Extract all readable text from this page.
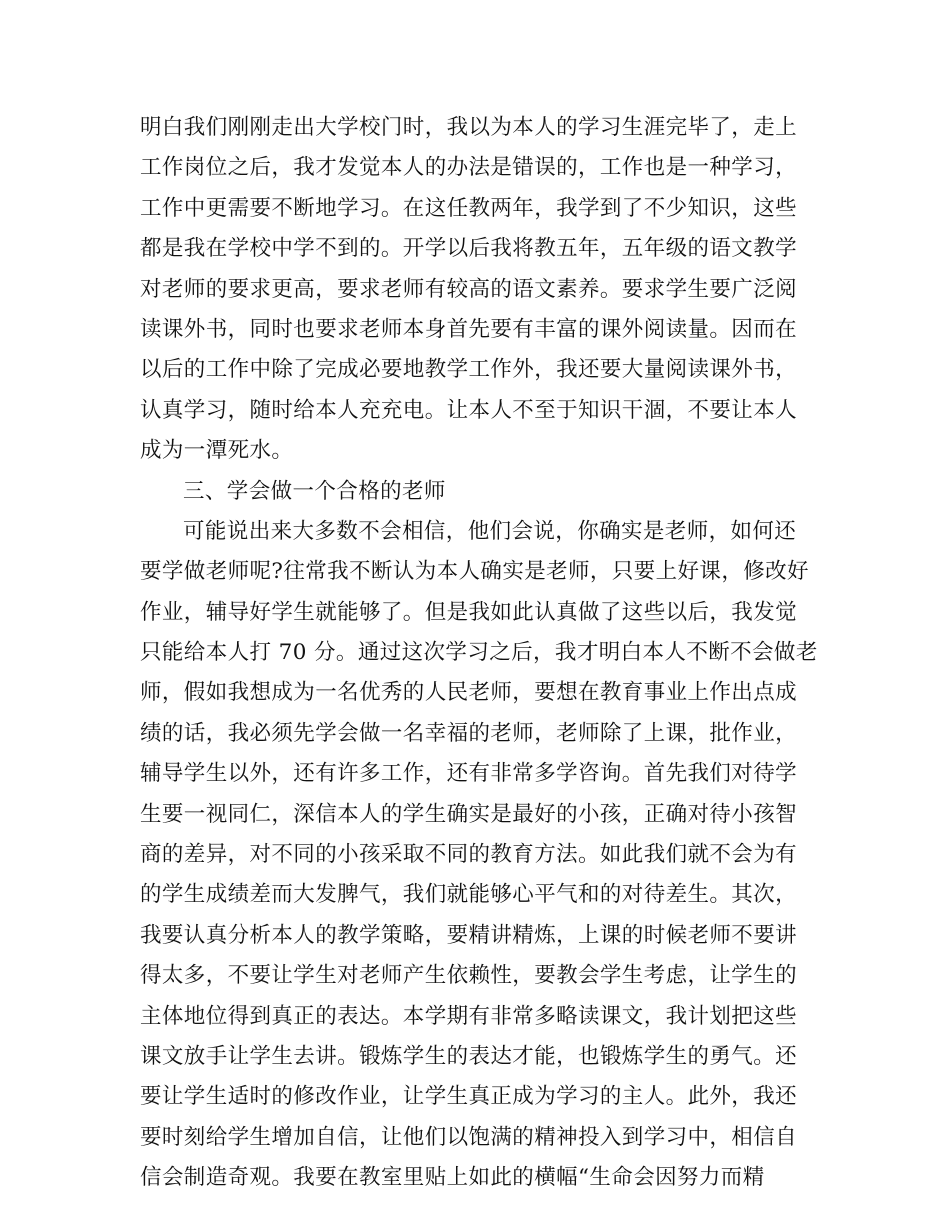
明白我们刚刚走出大学校门时，我以为本人的学习生涯完毕了，走上
工作岗位之后，我才发觉本人的办法是错误的，工作也是一种学习，
工作中更需要不断地学习。在这任教两年，我学到了不少知识，这些
都是我在学校中学不到的。开学以后我将教五年，五年级的语文教学
对老师的要求更高，要求老师有较高的语文素养。要求学生要广泛阅
读课外书，同时也要求老师本身首先要有丰富的课外阅读量。因而在
以后的工作中除了完成必要地教学工作外，我还要大量阅读课外书，
认真学习，随时给本人充充电。让本人不至于知识干涸，不要让本人
成为一潭死水。
三、学会做一个合格的老师
可能说出来大多数不会相信，他们会说，你确实是老师，如何还
要学做老师呢?往常我不断认为本人确实是老师，只要上好课，修改好
作业，辅导好学生就能够了。但是我如此认真做了这些以后，我发觉
只能给本人打 70 分。通过这次学习之后，我才明白本人不断不会做老
师，假如我想成为一名优秀的人民老师，要想在教育事业上作出点成
绩的话，我必须先学会做一名幸福的老师，老师除了上课，批作业，
辅导学生以外，还有许多工作，还有非常多学咨询。首先我们对待学
生要一视同仁，深信本人的学生确实是最好的小孩，正确对待小孩智
商的差异，对不同的小孩采取不同的教育方法。如此我们就不会为有
的学生成绩差而大发脾气，我们就能够心平气和的对待差生。其次，
我要认真分析本人的教学策略，要精讲精炼，上课的时候老师不要讲
得太多，不要让学生对老师产生依赖性，要教会学生考虑，让学生的
主体地位得到真正的表达。本学期有非常多略读课文，我计划把这些
课文放手让学生去讲。锻炼学生的表达才能，也锻炼学生的勇气。还
要让学生适时的修改作业，让学生真正成为学习的主人。此外，我还
要时刻给学生增加自信，让他们以饱满的精神投入到学习中，相信自
信会制造奇观。我要在教室里贴上如此的横幅“生命会因努力而精
